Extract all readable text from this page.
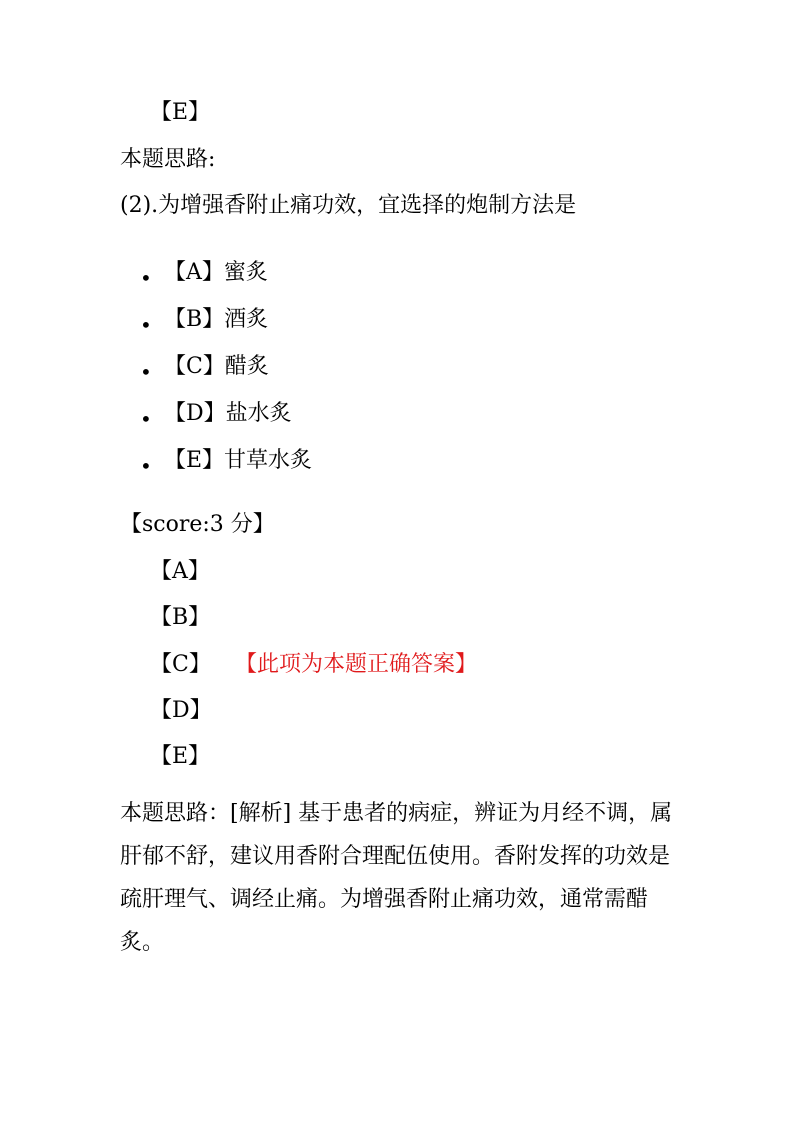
【E】
本题思路:
(2).为增强香附止痛功效，宜选择的炮制方法是
• 【A】蜜炙
• 【B】酒炙
• 【C】醋炙
• 【D】盐水炙
• 【E】甘草水炙
【score:3 分】
【A】
【B】
【C】 【此项为本题正确答案】
【D】
【E】
本题思路：[解析] 基于患者的病症，辨证为月经不调，属肝郁不舒，建议用香附合理配伍使用。香附发挥的功效是疏肝理气、调经止痛。为增强香附止痛功效，通常需醋炙。
